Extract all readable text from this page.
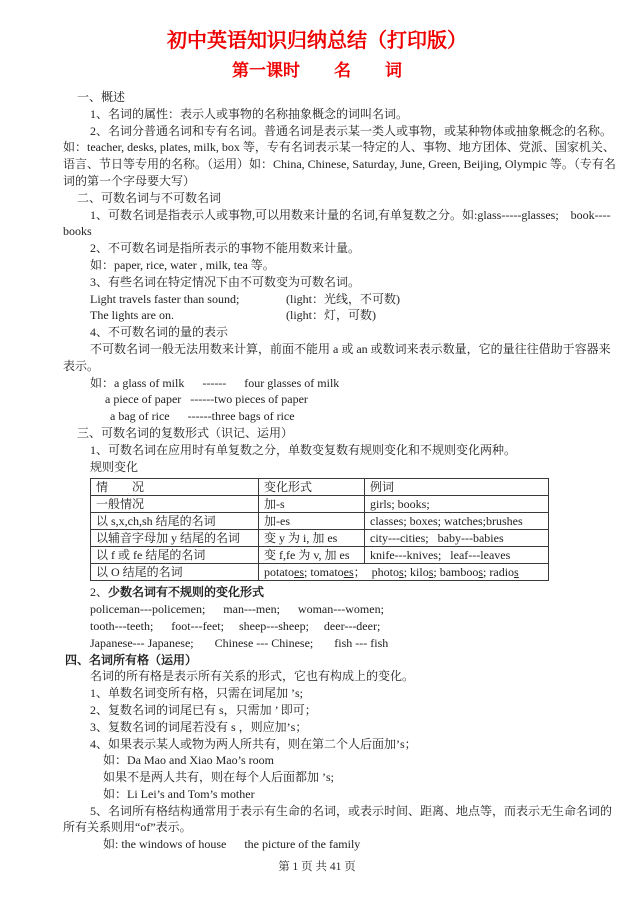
初中英语知识归纳总结（打印版）
第一课时　　名　　词
一、概述
1、名词的属性：表示人或事物的名称抽象概念的词叫名词。
2、名词分普通名词和专有名词。普通名词是表示某一类人或事物，或某种物体或抽象概念的名称。
如：teacher, desks, plates, milk, box 等，专有名词表示某一特定的人、事物、地方团体、党派、国家机关、
语言、节日等专用的名称。（运用）如：China, Chinese, Saturday, June, Green, Beijing, Olympic 等。（专有名
词的第一个字母要大写）
二、可数名词与不可数名词
1、可数名词是指表示人或事物,可以用数来计量的名词,有单复数之分。如:glass-----glasses;    book----
books
2、不可数名词是指所表示的事物不能用数来计量。
如：paper, rice, water , milk, tea 等。
3、有些名词在特定情况下由不可数变为可数名词。
Light travels faster than sound;	(light：光线，不可数)
The lights are on.	(light：灯，可数)
4、不可数名词的量的表示
不可数名词一般无法用数来计算，前面不能用 a 或 an 或数词来表示数量，它的量往往借助于容器来
表示。
如：a glass of milk      ------      four glasses of milk
a piece of paper   ------two pieces of paper
a bag of rice      ------three bags of rice
三、可数名词的复数形式（识记、运用）
1、可数名词在应用时有单复数之分，单数变复数有规则变化和不规则变化两种。
规则变化
情　　况	变化形式	例词
一般情况	加-s	girls; books;
以 s,x,ch,sh 结尾的名词	加-es	classes; boxes; watches;brushes
以辅音字母加 y 结尾的名词	变 y 为 i, 加 es	city---cities;   baby---babies
以 f 或 fe 结尾的名词	变 f,fe 为 v, 加 es	knife---knives;   leaf---leaves
以 O 结尾的名词	potatoes; tomatoes；  photos; kilos; bamboos; radios	
2、少数名词有不规则的变化形式
policeman---policemen;      man---men;      woman---women;
tooth---teeth;      foot---feet;     sheep---sheep;     deer---deer;
Japanese--- Japanese;       Chinese --- Chinese;       fish --- fish
四、名词所有格（运用）
名词的所有格是表示所有关系的形式，它也有构成上的变化。
1、单数名词变所有格，只需在词尾加 ’s;
2、复数名词的词尾已有 s，只需加 ’ 即可；
3、复数名词的词尾若没有 s ，则应加’s；
4、如果表示某人或物为两人所共有，则在第二个人后面加’s；
如：Da Mao and Xiao Mao’s room
如果不是两人共有，则在每个人后面都加 ’s;
如：Li Lei’s and Tom’s mother
5、名词所有格结构通常用于表示有生命的名词，或表示时间、距离、地点等，而表示无生命名词的
所有关系则用“of”表示。
如: the windows of house      the picture of the family
第 1 页 共 41 页
